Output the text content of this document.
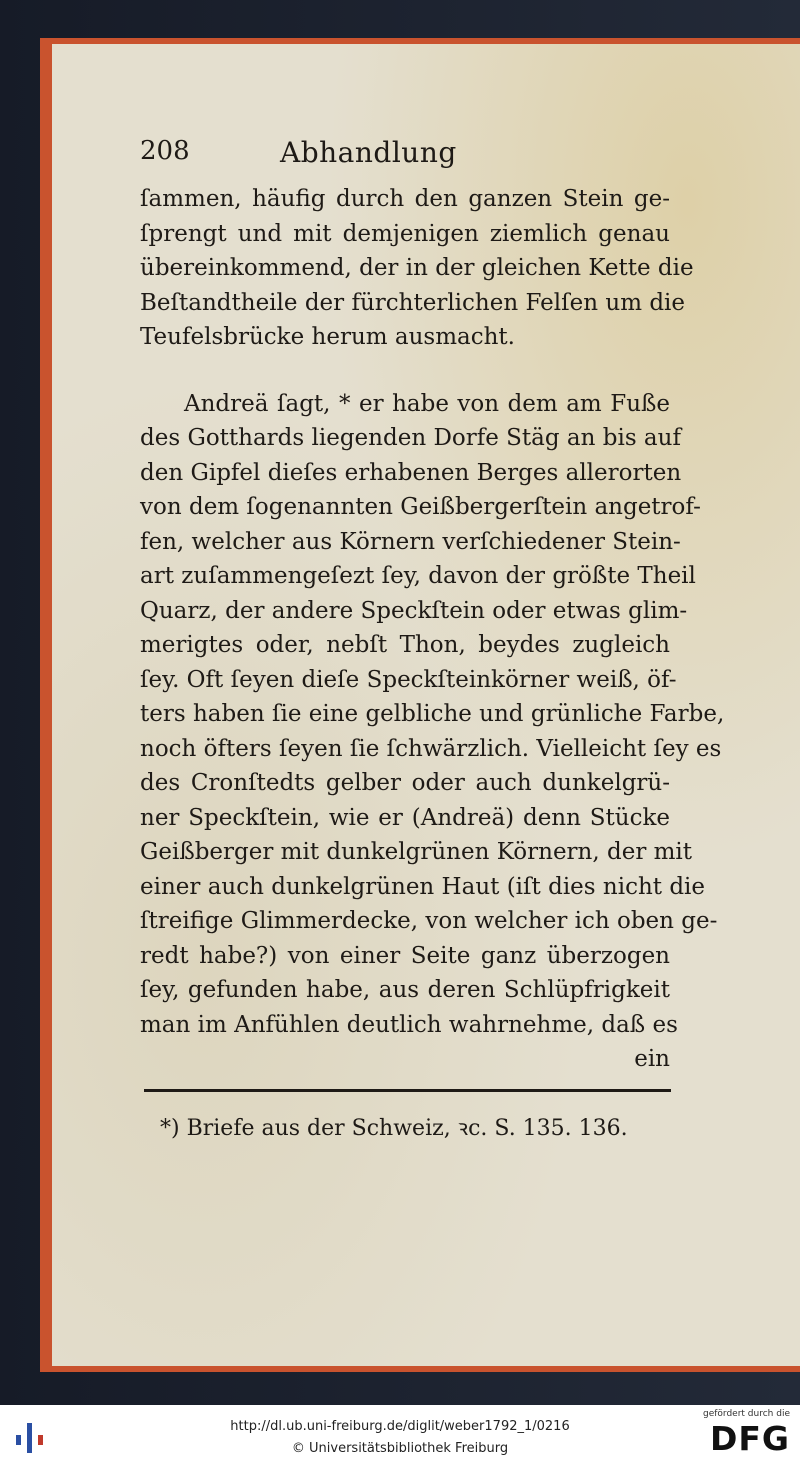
208	Abhandlung
ſammen, häufig durch den ganzen Stein ge-
ſprengt und mit demjenigen ziemlich genau
übereinkommend, der in der gleichen Kette die
Beſtandtheile der fürchterlichen Felſen um die
Teufelsbrücke herum ausmacht.
Andreä ſagt, * er habe von dem am Fuße
des Gotthards liegenden Dorfe Stäg an bis auf
den Gipfel dieſes erhabenen Berges allerorten
von dem ſogenannten Geißbergerſtein angetrof-
fen, welcher aus Körnern verſchiedener Stein-
art zuſammengeſezt ſey, davon der größte Theil
Quarz, der andere Speckſtein oder etwas glim-
merigtes oder, nebſt Thon, beydes zugleich
ſey. Oft ſeyen dieſe Speckſteinkörner weiß, öf-
ters haben ſie eine gelbliche und grünliche Farbe,
noch öfters ſeyen ſie ſchwärzlich. Vielleicht ſey es
des Cronſtedts gelber oder auch dunkelgrü-
ner Speckſtein, wie er (Andreä) denn Stücke
Geißberger mit dunkelgrünen Körnern, der mit
einer auch dunkelgrünen Haut (iſt dies nicht die
ſtreifige Glimmerdecke, von welcher ich oben ge-
redt habe?) von einer Seite ganz überzogen
ſey, gefunden habe, aus deren Schlüpfrigkeit
man im Anfühlen deutlich wahrnehme, daß es
ein
*) Briefe aus der Schweiz, ꝛc. S. 135. 136.
http://dl.ub.uni-freiburg.de/diglit/weber1792_1/0216
© Universitätsbibliothek Freiburg
gefördert durch die
DFG
